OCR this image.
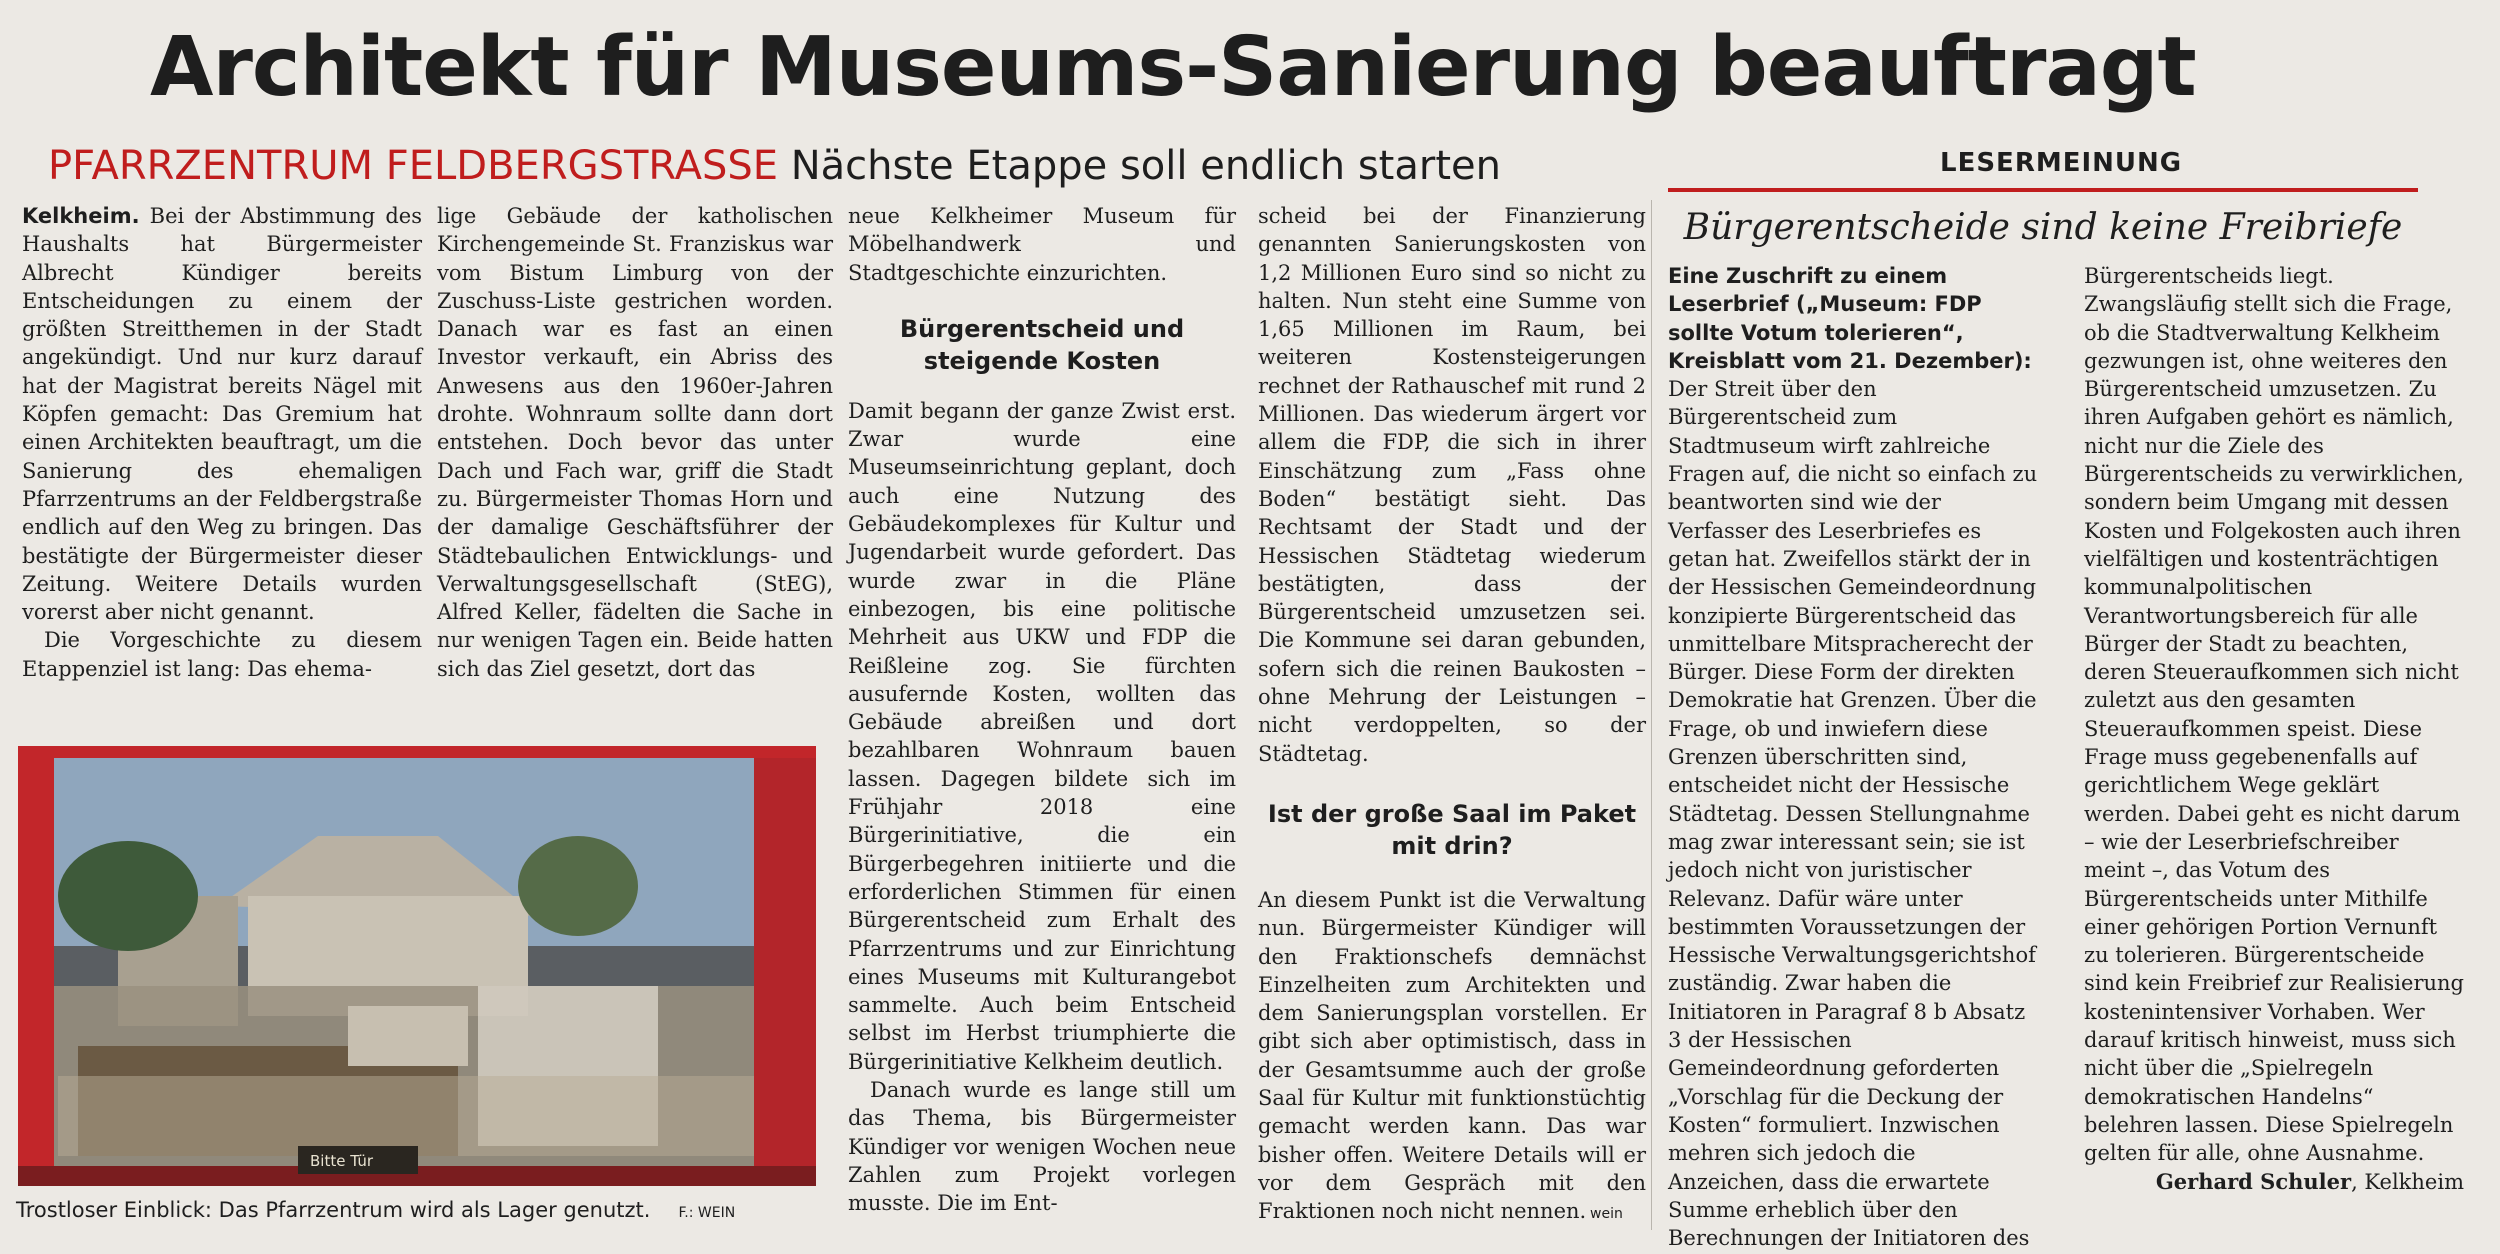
Architekt für Museums-Sanierung beauftragt
PFARRZENTRUM FELDBERGSTRASSE Nächste Etappe soll endlich starten

Kelkheim. Bei der Abstimmung des Haushalts hat Bürgermeister Albrecht Kündiger bereits Entscheidungen zu einem der größten Streitthemen in der Stadt angekündigt. Und nur kurz darauf hat der Magistrat bereits Nägel mit Köpfen gemacht: Das Gremium hat einen Architekten beauftragt, um die Sanierung des ehemaligen Pfarrzentrums an der Feldbergstraße endlich auf den Weg zu bringen. Das bestätigte der Bürgermeister dieser Zeitung. Weitere Details wurden vorerst aber nicht genannt.

Die Vorgeschichte zu diesem Etappenziel ist lang: Das ehema-

lige Gebäude der katholischen Kirchengemeinde St. Franziskus war vom Bistum Limburg von der Zuschuss-Liste gestrichen worden. Danach war es fast an einen Investor verkauft, ein Abriss des Anwesens aus den 1960er-Jahren drohte. Wohnraum sollte dann dort entstehen. Doch bevor das unter Dach und Fach war, griff die Stadt zu. Bürgermeister Thomas Horn und der damalige Geschäftsführer der Städtebaulichen Entwicklungs- und Verwaltungsgesellschaft (StEG), Alfred Keller, fädelten die Sache in nur wenigen Tagen ein. Beide hatten sich das Ziel gesetzt, dort das

neue Kelkheimer Museum für Möbelhandwerk und Stadtgeschichte einzurichten.

Bürgerentscheid und steigende Kosten

Damit begann der ganze Zwist erst. Zwar wurde eine Museumseinrichtung geplant, doch auch eine Nutzung des Gebäudekomplexes für Kultur und Jugendarbeit wurde gefordert. Das wurde zwar in die Pläne einbezogen, bis eine politische Mehrheit aus UKW und FDP die Reißleine zog. Sie fürchten ausufernde Kosten, wollten das Gebäude abreißen und dort bezahlbaren Wohnraum bauen lassen. Dagegen bildete sich im Frühjahr 2018 eine Bürgerinitiative, die ein Bürgerbegehren initiierte und die erforderlichen Stimmen für einen Bürgerentscheid zum Erhalt des Pfarrzentrums und zur Einrichtung eines Museums mit Kulturangebot sammelte. Auch beim Entscheid selbst im Herbst triumphierte die Bürgerinitiative Kelkheim deutlich.

Danach wurde es lange still um das Thema, bis Bürgermeister Kündiger vor wenigen Wochen neue Zahlen zum Projekt vorlegen musste. Die im Ent-

scheid bei der Finanzierung genannten Sanierungskosten von 1,2 Millionen Euro sind so nicht zu halten. Nun steht eine Summe von 1,65 Millionen im Raum, bei weiteren Kostensteigerungen rechnet der Rathauschef mit rund 2 Millionen. Das wiederum ärgert vor allem die FDP, die sich in ihrer Einschätzung zum „Fass ohne Boden“ bestätigt sieht. Das Rechtsamt der Stadt und der Hessischen Städtetag wiederum bestätigten, dass der Bürgerentscheid umzusetzen sei. Die Kommune sei daran gebunden, sofern sich die reinen Baukosten – ohne Mehrung der Leistungen – nicht verdoppelten, so der Städtetag.

Ist der große Saal im Paket mit drin?

An diesem Punkt ist die Verwaltung nun. Bürgermeister Kündiger will den Fraktionschefs demnächst Einzelheiten zum Architekten und dem Sanierungsplan vorstellen. Er gibt sich aber optimistisch, dass in der Gesamtsumme auch der große Saal für Kultur mit funktionstüchtig gemacht werden kann. Das war bisher offen. Weitere Details will er vor dem Gespräch mit den Fraktionen noch nicht nennen.

Bitte Tür
Trostloser Einblick: Das Pfarrzentrum wird als Lager genutzt. F.: WEIN	wein
LESERMEINUNG
Bürgerentscheide sind keine Freibriefe

Eine Zuschrift zu einem Leserbrief („Museum: FDP sollte Votum tolerieren“, Kreisblatt vom 21. Dezember):

Der Streit über den Bürgerentscheid zum Stadtmuseum wirft zahlreiche Fragen auf, die nicht so einfach zu beantworten sind wie der Verfasser des Leserbriefes es getan hat. Zweifellos stärkt der in der Hessischen Gemeindeordnung konzipierte Bürgerentscheid das unmittelbare Mitspracherecht der Bürger. Diese Form der direkten Demokratie hat Grenzen. Über die Frage, ob und inwiefern diese Grenzen überschritten sind, entscheidet nicht der Hessische Städtetag. Dessen Stellungnahme mag zwar interessant sein; sie ist jedoch nicht von juristischer Relevanz. Dafür wäre unter bestimmten Voraussetzungen der Hessische Verwaltungsgerichtshof zuständig. Zwar haben die Initiatoren in Paragraf 8 b Absatz 3 der Hessischen Gemeindeordnung geforderten „Vorschlag für die Deckung der Kosten“ formuliert. Inzwischen mehren sich jedoch die Anzeichen, dass die erwartete Summe erheblich über den Berechnungen der Initiatoren des

Bürgerentscheids liegt. Zwangsläufig stellt sich die Frage, ob die Stadtverwaltung Kelkheim gezwungen ist, ohne weiteres den Bürgerentscheid umzusetzen. Zu ihren Aufgaben gehört es nämlich, nicht nur die Ziele des Bürgerentscheids zu verwirklichen, sondern beim Umgang mit dessen Kosten und Folgekosten auch ihren vielfältigen und kostenträchtigen kommunalpolitischen Verantwortungsbereich für alle Bürger der Stadt zu beachten, deren Steueraufkommen sich nicht zuletzt aus den gesamten Steueraufkommen speist. Diese Frage muss gegebenenfalls auf gerichtlichem Wege geklärt werden. Dabei geht es nicht darum – wie der Leserbriefschreiber meint –, das Votum des Bürgerentscheids unter Mithilfe einer gehörigen Portion Vernunft zu tolerieren. Bürgerentscheide sind kein Freibrief zur Realisierung kostenintensiver Vorhaben. Wer darauf kritisch hinweist, muss sich nicht über die „Spielregeln demokratischen Handelns“ belehren lassen. Diese Spielregeln gelten für alle, ohne Ausnahme.

Gerhard Schuler, Kelkheim
